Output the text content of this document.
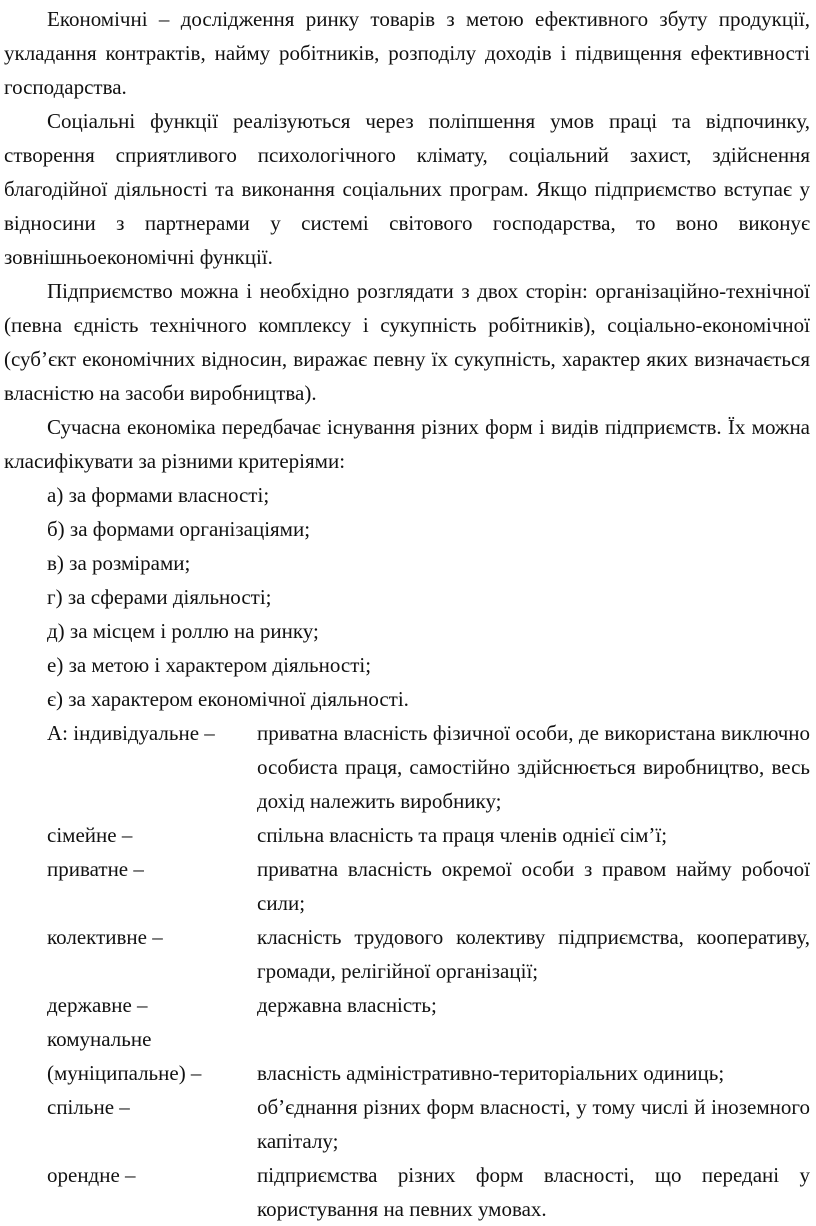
Економічні – дослідження ринку товарів з метою ефективного збуту продукції, укладання контрактів, найму робітників, розподілу доходів і підвищення ефективності господарства.

Соціальні функції реалізуються через поліпшення умов праці та відпочинку, створення сприятливого психологічного клімату, соціальний захист, здійснення благодійної діяльності та виконання соціальних програм. Якщо підприємство вступає у відносини з партнерами у системі світового господарства, то воно виконує зовнішньоекономічні функції.

Підприємство можна і необхідно розглядати з двох сторін: організаційно-технічної (певна єдність технічного комплексу і сукупність робітників), соціально-економічної (суб’єкт економічних відносин, виражає певну їх сукупність, характер яких визначається власністю на засоби виробництва).

Сучасна економіка передбачає існування різних форм і видів підприємств. Їх можна класифікувати за різними критеріями:

а) за формами власності;

б) за формами організаціями;

в) за розмірами;

г) за сферами діяльності;

д) за місцем і роллю на ринку;

е) за метою і характером діяльності;

є) за характером економічної діяльності.

А: індивідуальне –	приватна власність фізичної особи, де використана виключно особиста праця, самостійно здійснюється виробництво, весь дохід належить виробнику;
сімейне –	спільна власність та праця членів однієї сім’ї;
приватне –	приватна власність окремої особи з правом найму робочої сили;
колективне –	класність трудового колективу підприємства, кооперативу, громади, релігійної організації;
державне –	державна власність;
комунальне
(муніципальне) –	власність адміністративно-територіальних одиниць;
спільне –	об’єднання різних форм власності, у тому числі й іноземного капіталу;
орендне –	підприємства різних форм власності, що передані у користування на певних умовах.
